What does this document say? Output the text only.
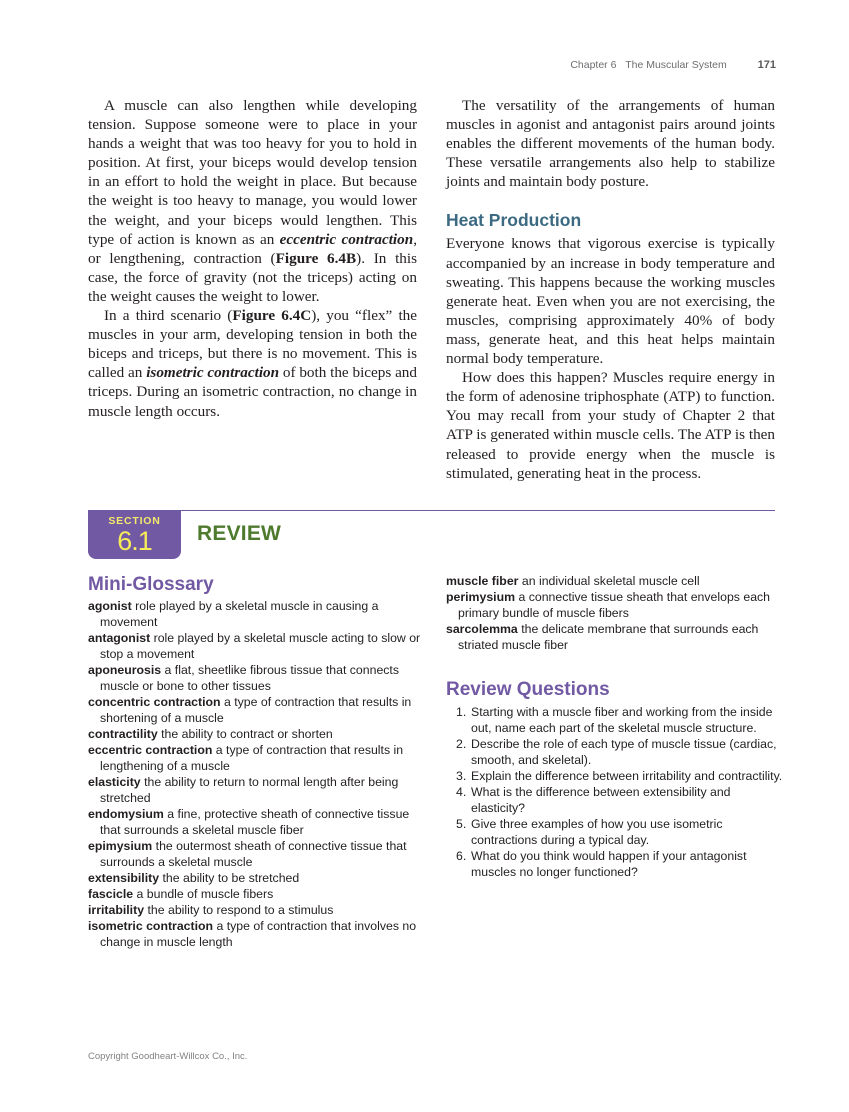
Chapter 6 The Muscular System	171

A muscle can also lengthen while developing tension. Suppose someone were to place in your hands a weight that was too heavy for you to hold in position. At first, your biceps would develop tension in an effort to hold the weight in place. But because the weight is too heavy to manage, you would lower the weight, and your biceps would lengthen. This type of action is known as an eccentric contraction, or lengthening, contraction (Figure 6.4B). In this case, the force of gravity (not the triceps) acting on the weight causes the weight to lower.

In a third scenario (Figure 6.4C), you “flex” the muscles in your arm, developing tension in both the biceps and triceps, but there is no movement. This is called an isometric contraction of both the biceps and triceps. During an isometric contraction, no change in muscle length occurs.

The versatility of the arrangements of human muscles in agonist and antagonist pairs around joints enables the different movements of the human body. These versatile arrangements also help to stabilize joints and maintain body posture.

Heat Production

Everyone knows that vigorous exercise is typically accompanied by an increase in body temperature and sweating. This happens because the working muscles generate heat. Even when you are not exercising, the muscles, comprising approximately 40% of body mass, generate heat, and this heat helps maintain normal body temperature.

How does this happen? Muscles require energy in the form of adenosine triphosphate (ATP) to function. You may recall from your study of Chapter 2 that ATP is generated within muscle cells. The ATP is then released to provide energy when the muscle is stimulated, generating heat in the process.

SECTION
6.1	REVIEW
Mini-Glossary
agonist role played by a skeletal muscle in causing a movement
antagonist role played by a skeletal muscle acting to slow or stop a movement
aponeurosis a flat, sheetlike fibrous tissue that connects muscle or bone to other tissues
concentric contraction a type of contraction that results in shortening of a muscle
contractility the ability to contract or shorten
eccentric contraction a type of contraction that results in lengthening of a muscle
elasticity the ability to return to normal length after being stretched
endomysium a fine, protective sheath of connective tissue that surrounds a skeletal muscle fiber
epimysium the outermost sheath of connective tissue that surrounds a skeletal muscle
extensibility the ability to be stretched
fascicle a bundle of muscle fibers
irritability the ability to respond to a stimulus
isometric contraction a type of contraction that involves no change in muscle length
muscle fiber an individual skeletal muscle cell
perimysium a connective tissue sheath that envelops each primary bundle of muscle fibers
sarcolemma the delicate membrane that surrounds each striated muscle fiber
Review Questions
1. Starting with a muscle fiber and working from the inside out, name each part of the skeletal muscle structure.
2. Describe the role of each type of muscle tissue (cardiac, smooth, and skeletal).
3. Explain the difference between irritability and contractility.
4. What is the difference between extensibility and elasticity?
5. Give three examples of how you use isometric contractions during a typical day.
6. What do you think would happen if your antagonist muscles no longer functioned?
Copyright Goodheart-Willcox Co., Inc.
